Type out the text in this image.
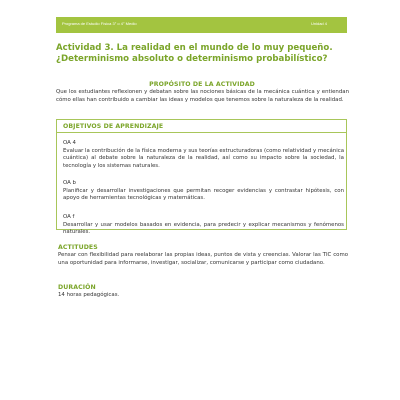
Programa de Estudio Física 3° o 4° Medio	Unidad 4
Actividad 3. La realidad en el mundo de lo muy pequeño. ¿Determinismo absoluto o determinismo probabilístico?
PROPÓSITO DE LA ACTIVIDAD

Que los estudiantes reflexionen y debatan sobre las nociones básicas de la mecánica cuántica y entiendan cómo ellas han contribuido a cambiar las ideas y modelos que tenemos sobre la naturaleza de la realidad.

OBJETIVOS DE APRENDIZAJE
OA 4
Evaluar la contribución de la física moderna y sus teorías estructuradoras (como relatividad y mecánica cuántica) al debate sobre la naturaleza de la realidad, así como su impacto sobre la sociedad, la tecnología y los sistemas naturales.
OA b
Planificar y desarrollar investigaciones que permitan recoger evidencias y contrastar hipótesis, con apoyo de herramientas tecnológicas y matemáticas.
OA f
Desarrollar y usar modelos basados en evidencia, para predecir y explicar mecanismos y fenómenos naturales.
ACTITUDES

Pensar con flexibilidad para reelaborar las propias ideas, puntos de vista y creencias. Valorar las TIC como una oportunidad para informarse, investigar, socializar, comunicarse y participar como ciudadano.

DURACIÓN

14 horas pedagógicas.
